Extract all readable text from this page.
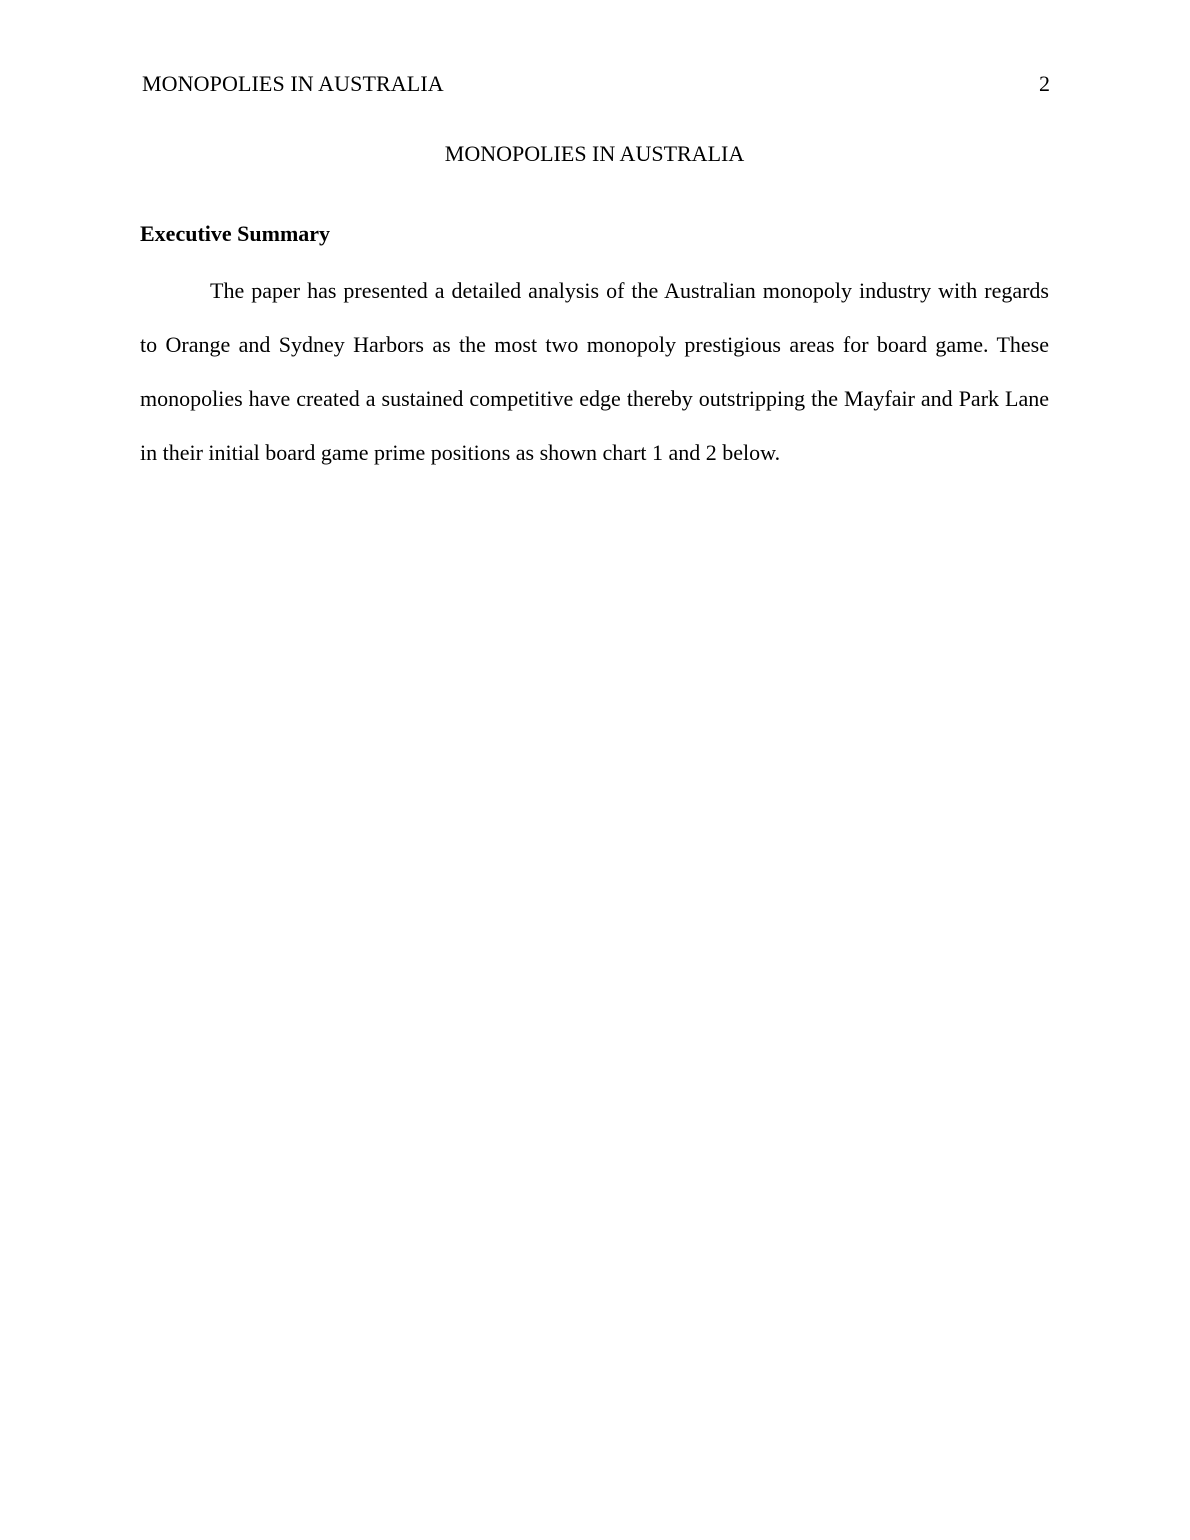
MONOPOLIES IN AUSTRALIA	2
MONOPOLIES IN AUSTRALIA
Executive Summary

The paper has presented a detailed analysis of the Australian monopoly industry with regards to Orange and Sydney Harbors as the most two monopoly prestigious areas for board game. These monopolies have created a sustained competitive edge thereby outstripping the Mayfair and Park Lane in their initial board game prime positions as shown chart 1 and 2 below.
